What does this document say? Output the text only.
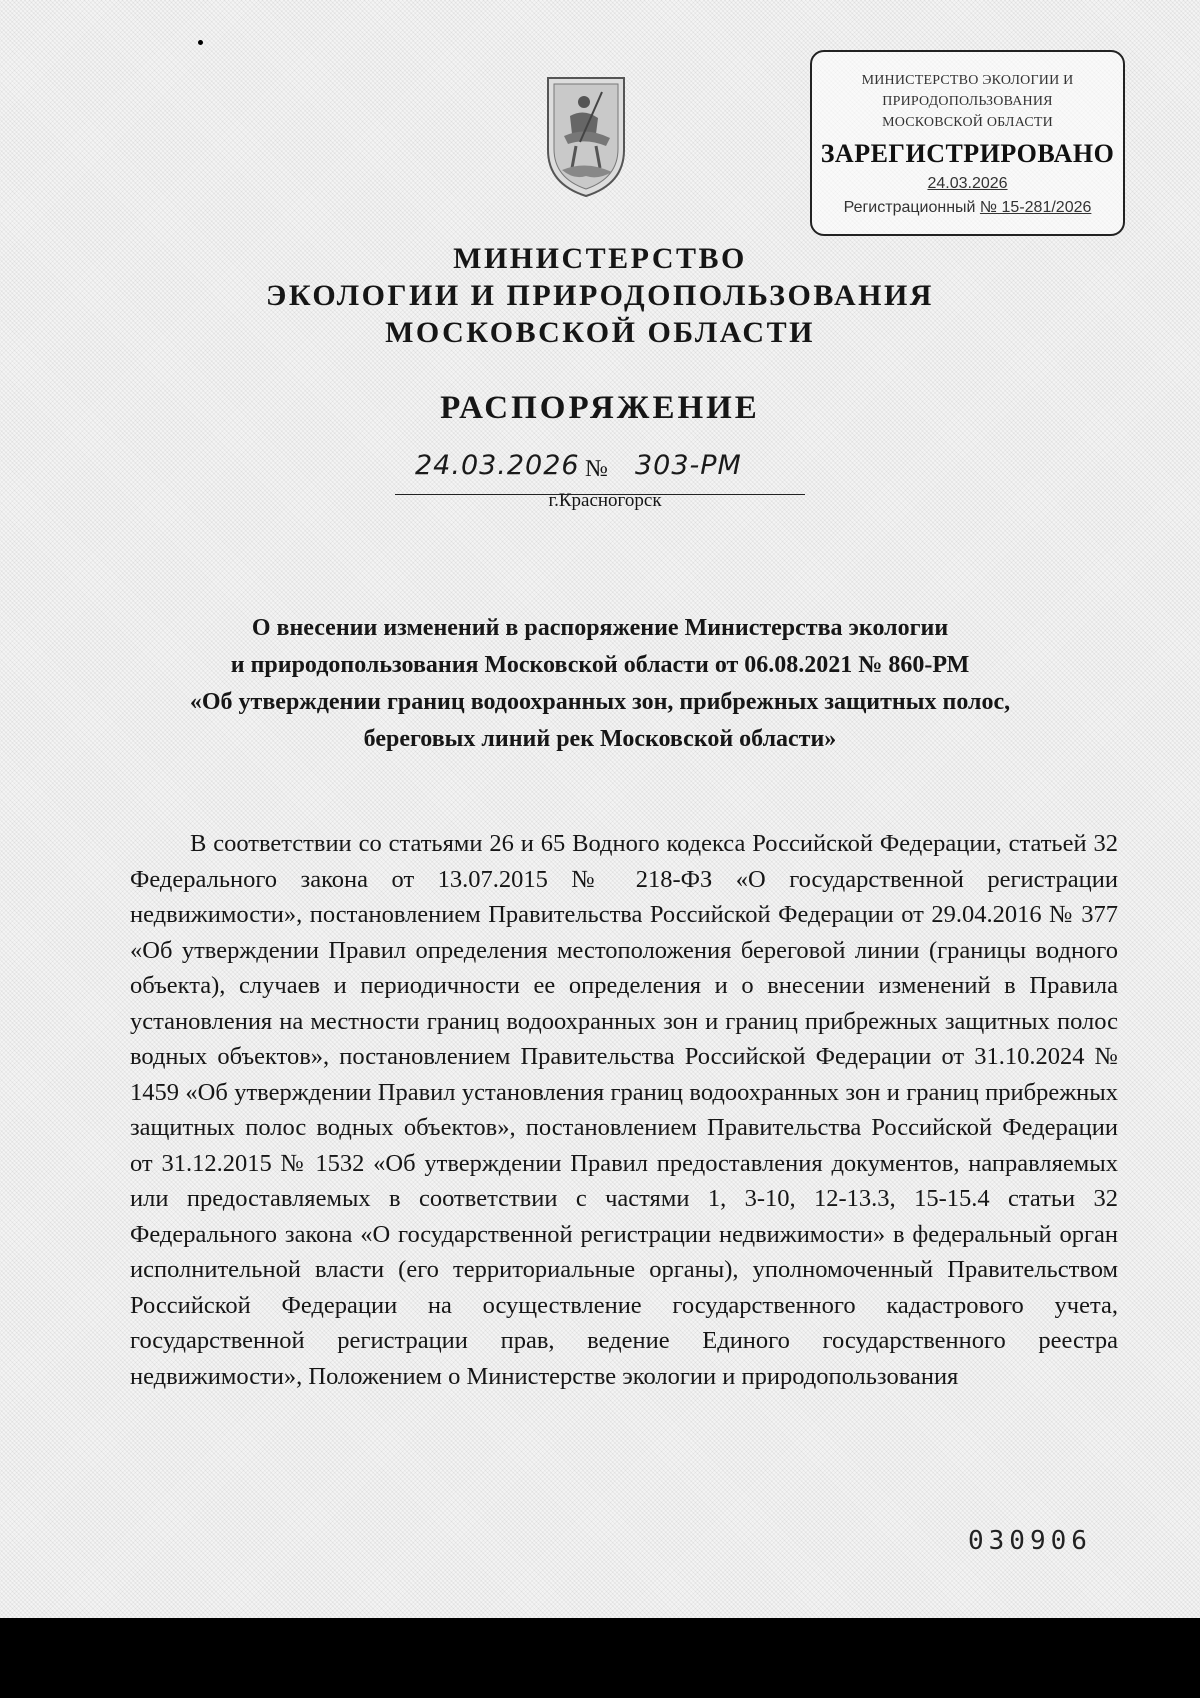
МИНИСТЕРСТВО ЭКОЛОГИИ И
ПРИРОДОПОЛЬЗОВАНИЯ
МОСКОВСКОЙ ОБЛАСТИ
ЗАРЕГИСТРИРОВАНО
24.03.2026
Регистрационный № 15-281/2026
МИНИСТЕРСТВО
ЭКОЛОГИИ И ПРИРОДОПОЛЬЗОВАНИЯ
МОСКОВСКОЙ ОБЛАСТИ
РАСПОРЯЖЕНИЕ
24.03.2026 № 303-РМ
г.Красногорск
О внесении изменений в распоряжение Министерства экологии
и природопользования Московской области от 06.08.2021 № 860-РМ
«Об утверждении границ водоохранных зон, прибрежных защитных полос,
береговых линий рек Московской области»

В соответствии со статьями 26 и 65 Водного кодекса Российской Федерации, статьей 32 Федерального закона от 13.07.2015 № 218-ФЗ «О государственной регистрации недвижимости», постановлением Правительства Российской Федерации от 29.04.2016 № 377 «Об утверждении Правил определения местоположения береговой линии (границы водного объекта), случаев и периодичности ее определения и о внесении изменений в Правила установления на местности границ водоохранных зон и границ прибрежных защитных полос водных объектов», постановлением Правительства Российской Федерации от 31.10.2024 № 1459 «Об утверждении Правил установления границ водоохранных зон и границ прибрежных защитных полос водных объектов», постановлением Правительства Российской Федерации от 31.12.2015 № 1532 «Об утверждении Правил предоставления документов, направляемых или предоставляемых в соответствии с частями 1, 3-10, 12-13.3, 15-15.4 статьи 32 Федерального закона «О государственной регистрации недвижимости» в федеральный орган исполнительной власти (его территориальные органы), уполномоченный Правительством Российской Федерации на осуществление государственного кадастрового учета, государственной регистрации прав, ведение Единого государственного реестра недвижимости», Положением о Министерстве экологии и природопользования

030906
